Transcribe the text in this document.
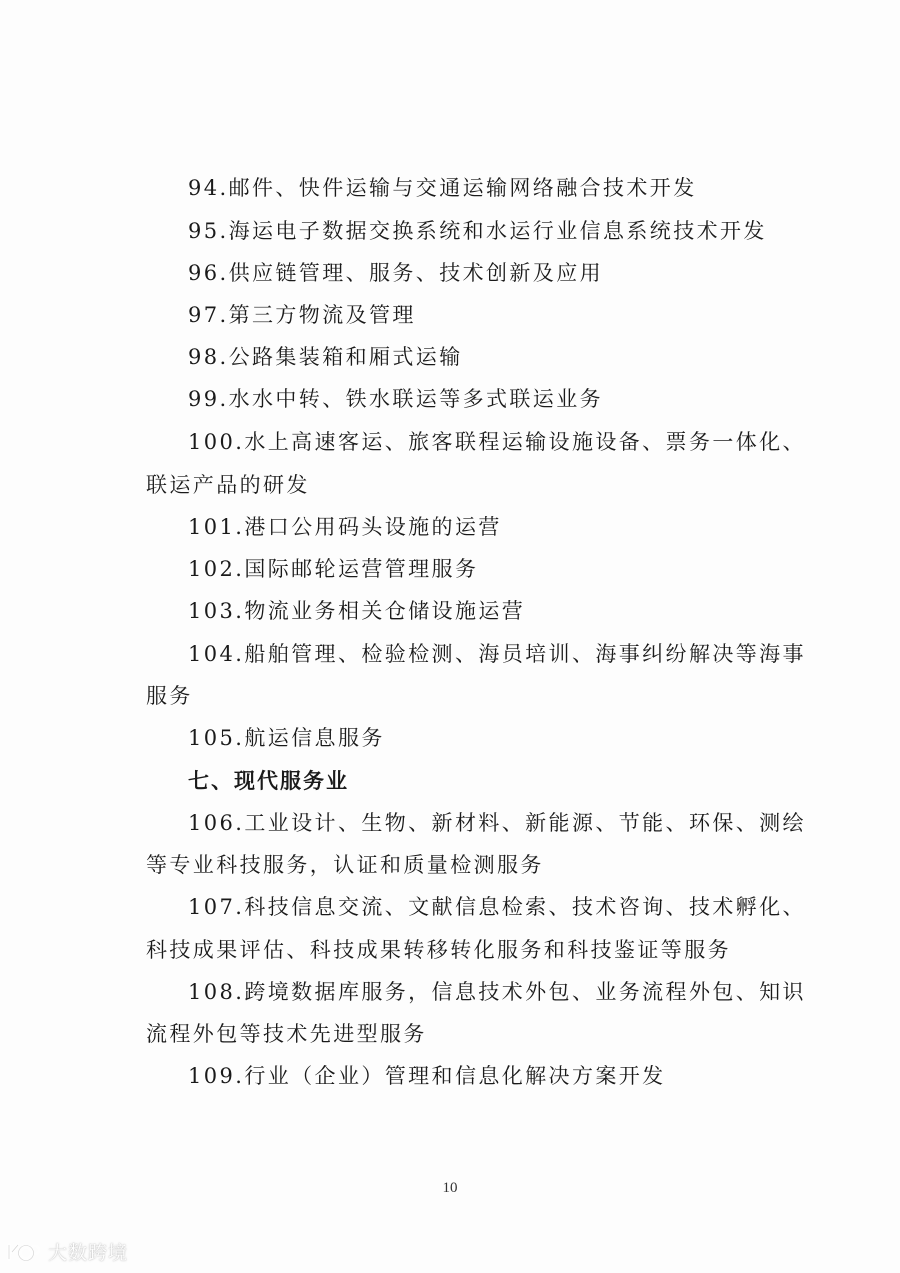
94.邮件、快件运输与交通运输网络融合技术开发
95.海运电子数据交换系统和水运行业信息系统技术开发
96.供应链管理、服务、技术创新及应用
97.第三方物流及管理
98.公路集装箱和厢式运输
99.水水中转、铁水联运等多式联运业务
100.水上高速客运、旅客联程运输设施设备、票务一体化、
联运产品的研发
101.港口公用码头设施的运营
102.国际邮轮运营管理服务
103.物流业务相关仓储设施运营
104.船舶管理、检验检测、海员培训、海事纠纷解决等海事
服务
105.航运信息服务
七、现代服务业
106.工业设计、生物、新材料、新能源、节能、环保、测绘
等专业科技服务，认证和质量检测服务
107.科技信息交流、文献信息检索、技术咨询、技术孵化、
科技成果评估、科技成果转移转化服务和科技鉴证等服务
108.跨境数据库服务，信息技术外包、业务流程外包、知识
流程外包等技术先进型服务
109.行业（企业）管理和信息化解决方案开发
10
大数跨境
